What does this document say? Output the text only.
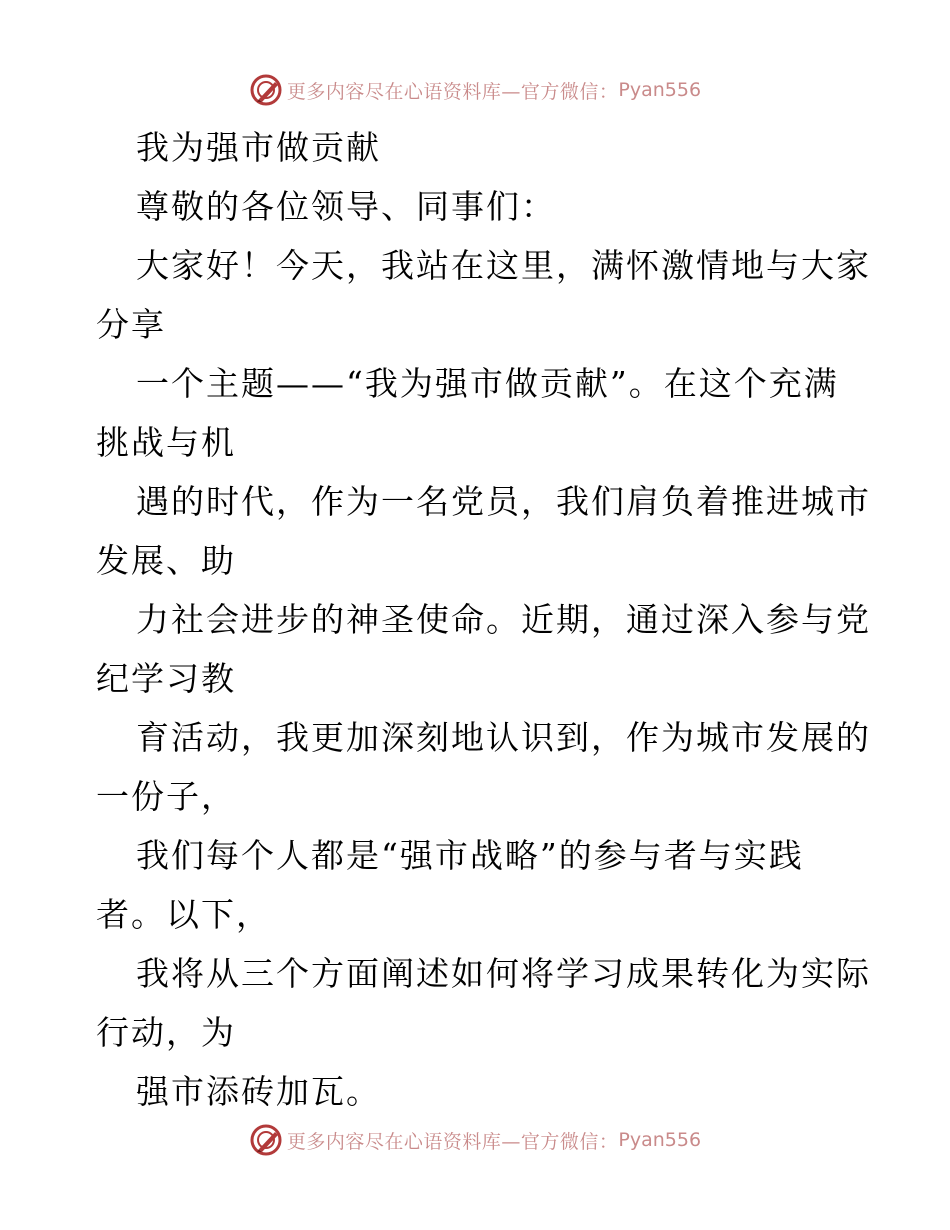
更多内容尽在心语资料库—官方微信： Pyan556
我为强市做贡献
尊敬的各位领导、同事们：
大家好！今天，我站在这里，满怀激情地与大家
分享
一个主题——“我为强市做贡献”。在这个充满
挑战与机
遇的时代，作为一名党员，我们肩负着推进城市
发展、助
力社会进步的神圣使命。近期，通过深入参与党
纪学习教
育活动，我更加深刻地认识到，作为城市发展的
一份子，
我们每个人都是“强市战略”的参与者与实践
者。以下，
我将从三个方面阐述如何将学习成果转化为实际
行动，为
强市添砖加瓦。
更多内容尽在心语资料库—官方微信： Pyan556
